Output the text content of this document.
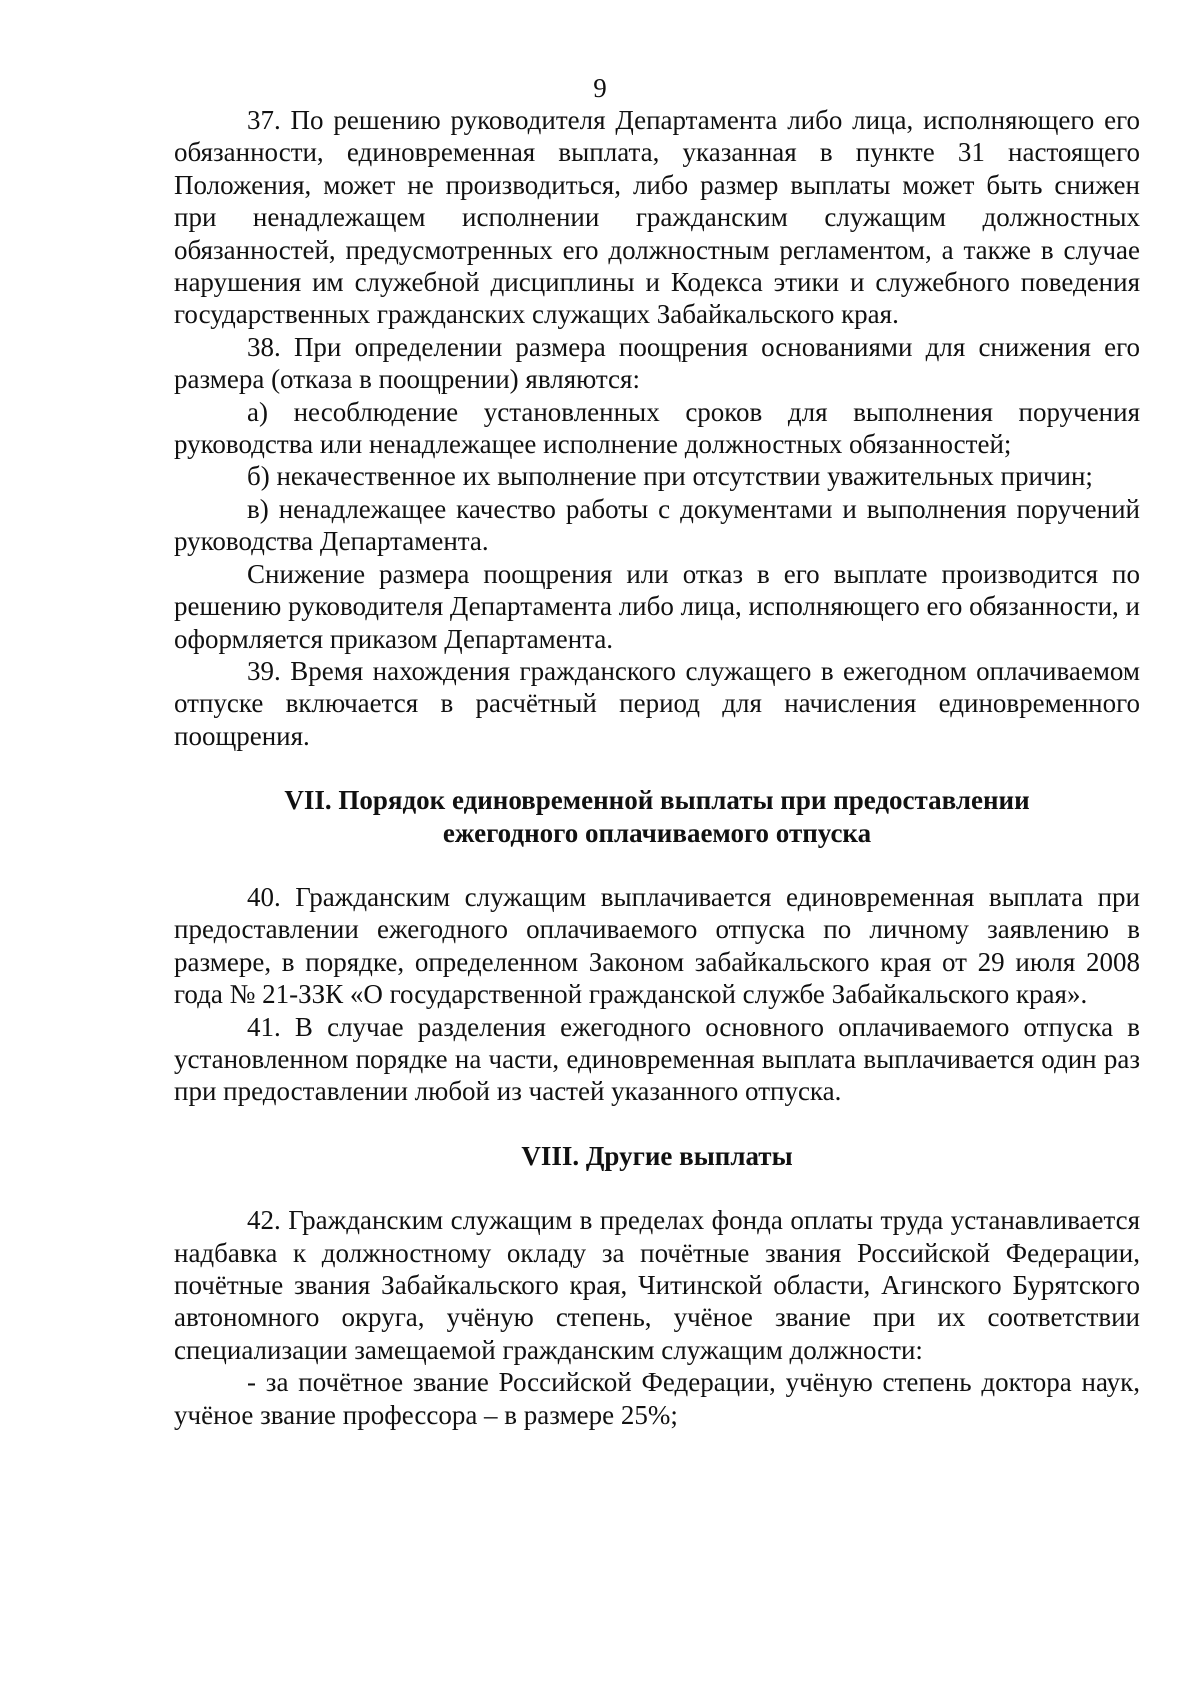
9

37. По решению руководителя Департамента либо лица, исполняющего его обязанности, единовременная выплата, указанная в пункте 31 настоящего Положения, может не производиться, либо размер выплаты может быть снижен при ненадлежащем исполнении гражданским служащим должностных обязанностей, предусмотренных его должностным регламентом, а также в случае нарушения им служебной дисциплины и Кодекса этики и служебного поведения государственных гражданских служащих Забайкальского края.

38. При определении размера поощрения основаниями для снижения его размера (отказа в поощрении) являются:

а) несоблюдение установленных сроков для выполнения поручения руководства или ненадлежащее исполнение должностных обязанностей;

б) некачественное их выполнение при отсутствии уважительных причин;

в) ненадлежащее качество работы с документами и выполнения поручений руководства Департамента.

Снижение размера поощрения или отказ в его выплате производится по решению руководителя Департамента либо лица, исполняющего его обязанности, и оформляется приказом Департамента.

39. Время нахождения гражданского служащего в ежегодном оплачиваемом отпуске включается в расчётный период для начисления единовременного поощрения.

VII. Порядок единовременной выплаты при предоставлении
ежегодного оплачиваемого отпуска

40. Гражданским служащим выплачивается единовременная выплата при предоставлении ежегодного оплачиваемого отпуска по личному заявлению в размере, в порядке, определенном Законом забайкальского края от 29 июля 2008 года № 21-ЗЗК «О государственной гражданской службе Забайкальского края».

41. В случае разделения ежегодного основного оплачиваемого отпуска в установленном порядке на части, единовременная выплата выплачивается один раз при предоставлении любой из частей указанного отпуска.

VIII. Другие выплаты

42. Гражданским служащим в пределах фонда оплаты труда устанавливается надбавка к должностному окладу за почётные звания Российской Федерации, почётные звания Забайкальского края, Читинской области, Агинского Бурятского автономного округа, учёную степень, учёное звание при их соответствии специализации замещаемой гражданским служащим должности:

- за почётное звание Российской Федерации, учёную степень доктора наук, учёное звание профессора – в размере 25%;
